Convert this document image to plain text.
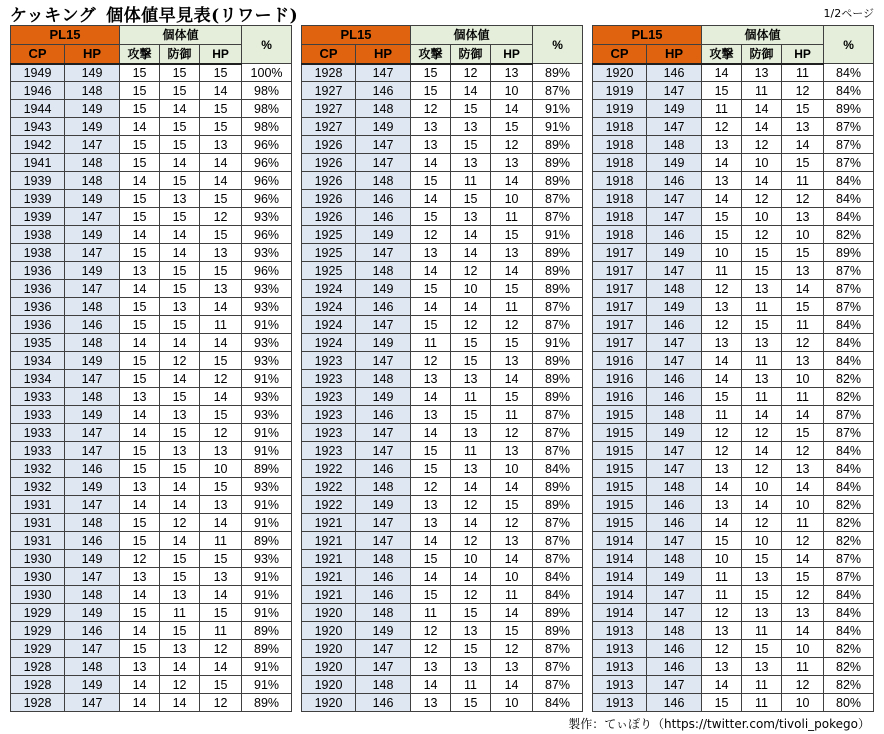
ケッキング 個体値早見表(リワード)	1/2ページ
PL15		個体値			%
CP	HP	攻撃	防御	HP	
1949	149	15	15	15	100%
1946	148	15	15	14	98%
1944	149	15	14	15	98%
1943	149	14	15	15	98%
1942	147	15	15	13	96%
1941	148	15	14	14	96%
1939	148	14	15	14	96%
1939	149	15	13	15	96%
1939	147	15	15	12	93%
1938	149	14	14	15	96%
1938	147	15	14	13	93%
1936	149	13	15	15	96%
1936	147	14	15	13	93%
1936	148	15	13	14	93%
1936	146	15	15	11	91%
1935	148	14	14	14	93%
1934	149	15	12	15	93%
1934	147	15	14	12	91%
1933	148	13	15	14	93%
1933	149	14	13	15	93%
1933	147	14	15	12	91%
1933	147	15	13	13	91%
1932	146	15	15	10	89%
1932	149	13	14	15	93%
1931	147	14	14	13	91%
1931	148	15	12	14	91%
1931	146	15	14	11	89%
1930	149	12	15	15	93%
1930	147	13	15	13	91%
1930	148	14	13	14	91%
1929	149	15	11	15	91%
1929	146	14	15	11	89%
1929	147	15	13	12	89%
1928	148	13	14	14	91%
1928	149	14	12	15	91%
1928	147	14	14	12	89%
PL15		個体値			%
CP	HP	攻撃	防御	HP	
1928	147	15	12	13	89%
1927	146	15	14	10	87%
1927	148	12	15	14	91%
1927	149	13	13	15	91%
1926	147	13	15	12	89%
1926	147	14	13	13	89%
1926	148	15	11	14	89%
1926	146	14	15	10	87%
1926	146	15	13	11	87%
1925	149	12	14	15	91%
1925	147	13	14	13	89%
1925	148	14	12	14	89%
1924	149	15	10	15	89%
1924	146	14	14	11	87%
1924	147	15	12	12	87%
1924	149	11	15	15	91%
1923	147	12	15	13	89%
1923	148	13	13	14	89%
1923	149	14	11	15	89%
1923	146	13	15	11	87%
1923	147	14	13	12	87%
1923	147	15	11	13	87%
1922	146	15	13	10	84%
1922	148	12	14	14	89%
1922	149	13	12	15	89%
1921	147	13	14	12	87%
1921	147	14	12	13	87%
1921	148	15	10	14	87%
1921	146	14	14	10	84%
1921	146	15	12	11	84%
1920	148	11	15	14	89%
1920	149	12	13	15	89%
1920	147	12	15	12	87%
1920	147	13	13	13	87%
1920	148	14	11	14	87%
1920	146	13	15	10	84%
PL15		個体値			%
CP	HP	攻撃	防御	HP	
1920	146	14	13	11	84%
1919	147	15	11	12	84%
1919	149	11	14	15	89%
1918	147	12	14	13	87%
1918	148	13	12	14	87%
1918	149	14	10	15	87%
1918	146	13	14	11	84%
1918	147	14	12	12	84%
1918	147	15	10	13	84%
1918	146	15	12	10	82%
1917	149	10	15	15	89%
1917	147	11	15	13	87%
1917	148	12	13	14	87%
1917	149	13	11	15	87%
1917	146	12	15	11	84%
1917	147	13	13	12	84%
1916	147	14	11	13	84%
1916	146	14	13	10	82%
1916	146	15	11	11	82%
1915	148	11	14	14	87%
1915	149	12	12	15	87%
1915	147	12	14	12	84%
1915	147	13	12	13	84%
1915	148	14	10	14	84%
1915	146	13	14	10	82%
1915	146	14	12	11	82%
1914	147	15	10	12	82%
1914	148	10	15	14	87%
1914	149	11	13	15	87%
1914	147	11	15	12	84%
1914	147	12	13	13	84%
1913	148	13	11	14	84%
1913	146	12	15	10	82%
1913	146	13	13	11	82%
1913	147	14	11	12	82%
1913	146	15	11	10	80%
製作：てぃぽり（https://twitter.com/tivoli_pokego）
